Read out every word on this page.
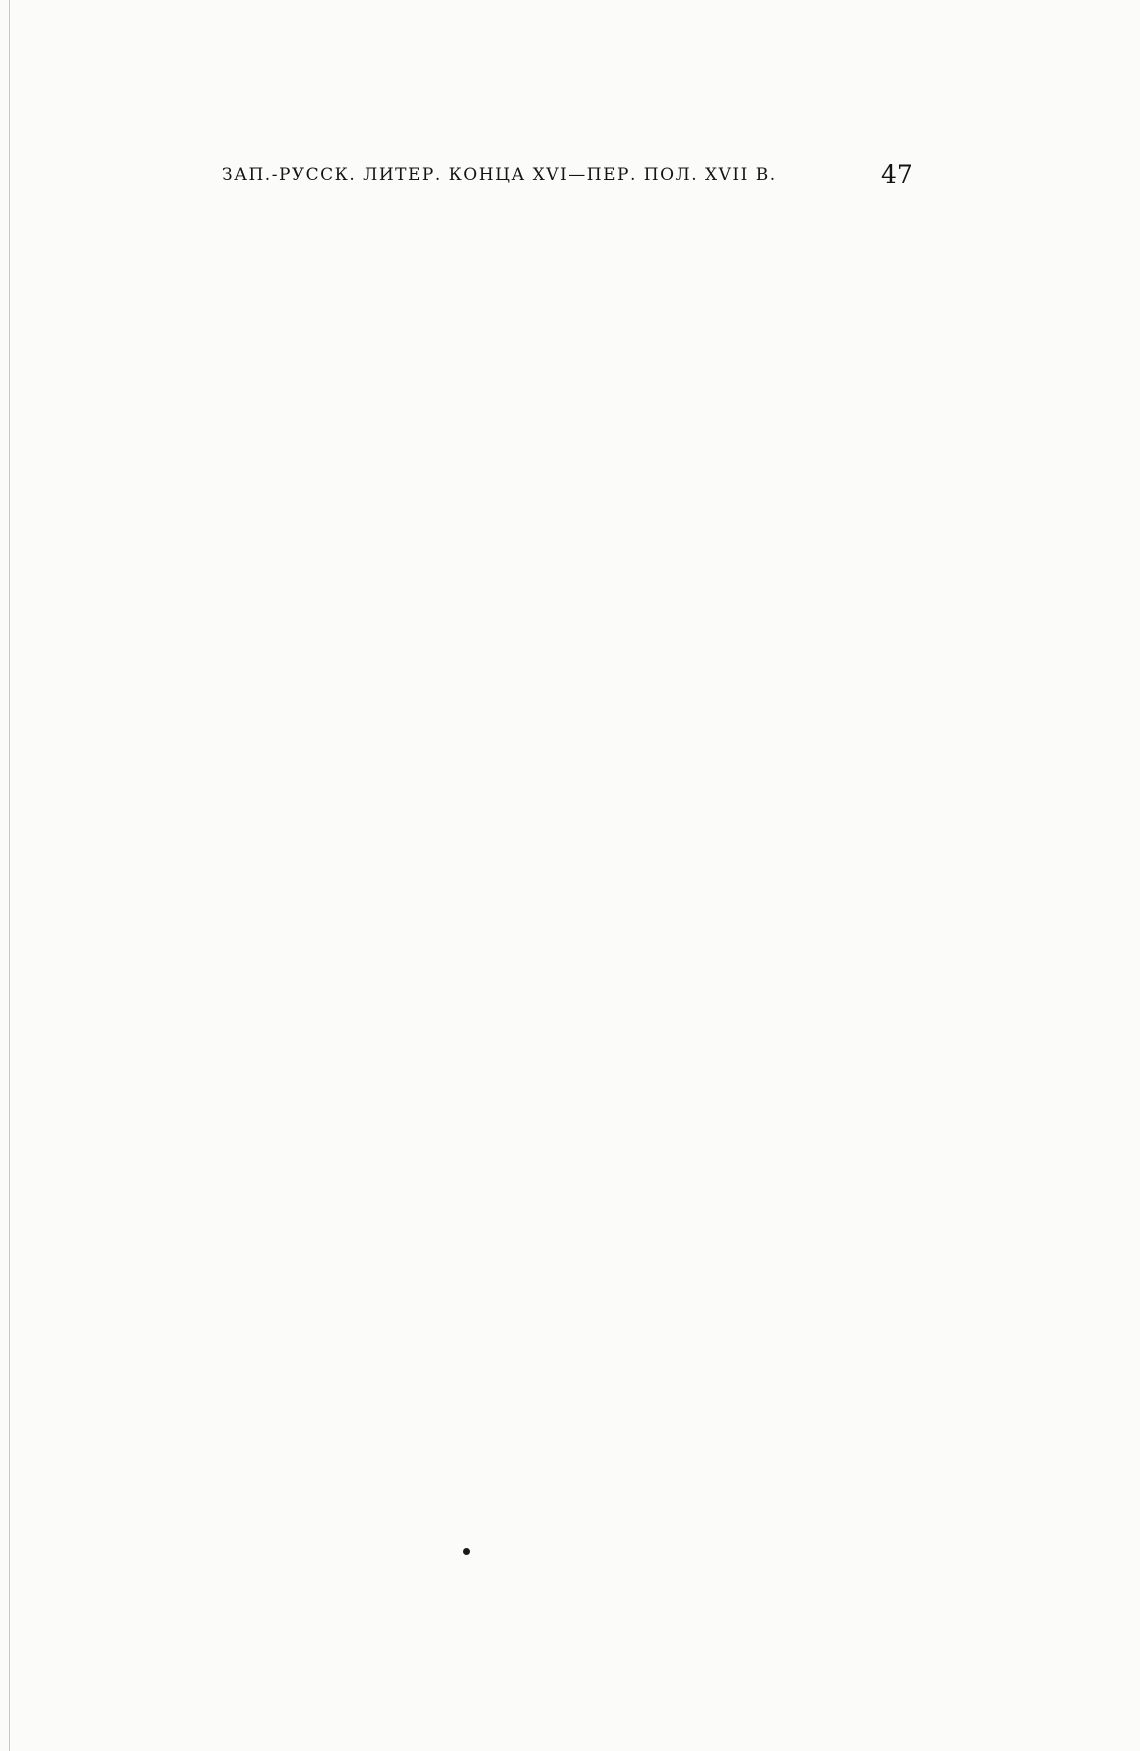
ЗАП.-РУССК. ЛИТЕР. КОНЦА XVI—ПЕР. ПОЛ. XVII В.	47
